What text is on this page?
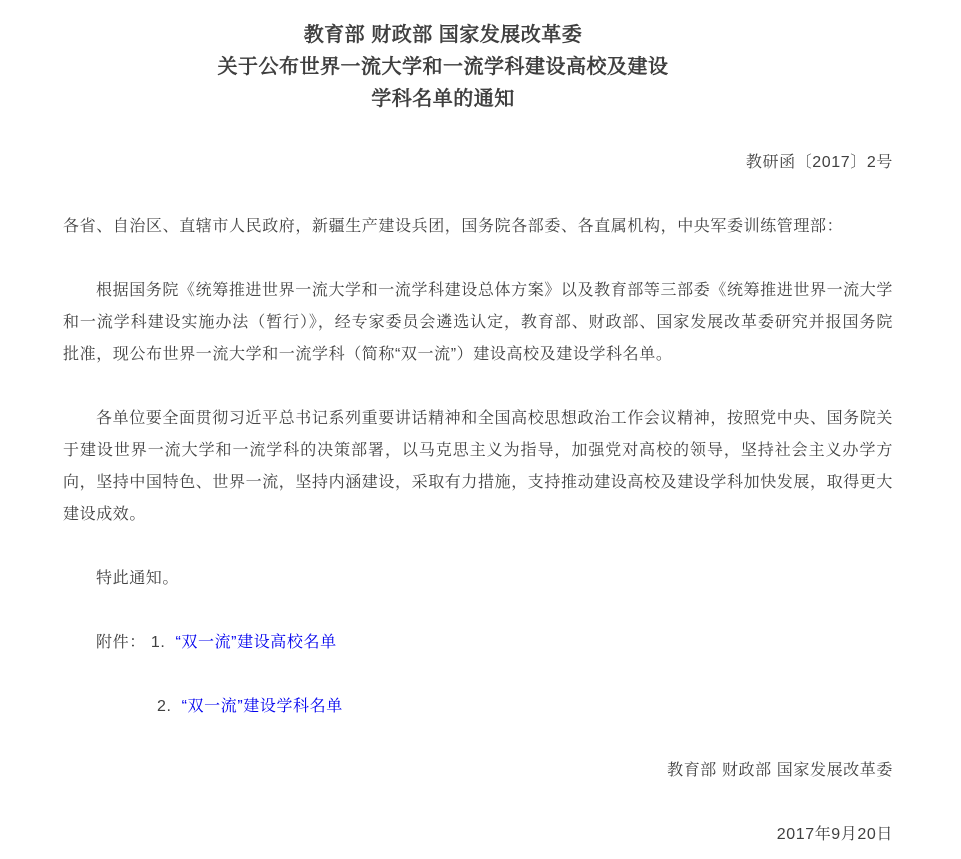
教育部 财政部 国家发展改革委
关于公布世界一流大学和一流学科建设高校及建设
学科名单的通知

教研函〔2017〕2号

各省、自治区、直辖市人民政府，新疆生产建设兵团，国务院各部委、各直属机构，中央军委训练管理部：

根据国务院《统筹推进世界一流大学和一流学科建设总体方案》以及教育部等三部委《统筹推进世界一流大学和一流学科建设实施办法（暂行）》，经专家委员会遴选认定，教育部、财政部、国家发展改革委研究并报国务院批准，现公布世界一流大学和一流学科（简称“双一流”）建设高校及建设学科名单。

各单位要全面贯彻习近平总书记系列重要讲话精神和全国高校思想政治工作会议精神，按照党中央、国务院关于建设世界一流大学和一流学科的决策部署，以马克思主义为指导，加强党对高校的领导，坚持社会主义办学方向，坚持中国特色、世界一流，坚持内涵建设，采取有力措施，支持推动建设高校及建设学科加快发展，取得更大建设成效。

特此通知。

附件： 1. “双一流”建设高校名单

2. “双一流”建设学科名单

教育部 财政部 国家发展改革委

2017年9月20日
